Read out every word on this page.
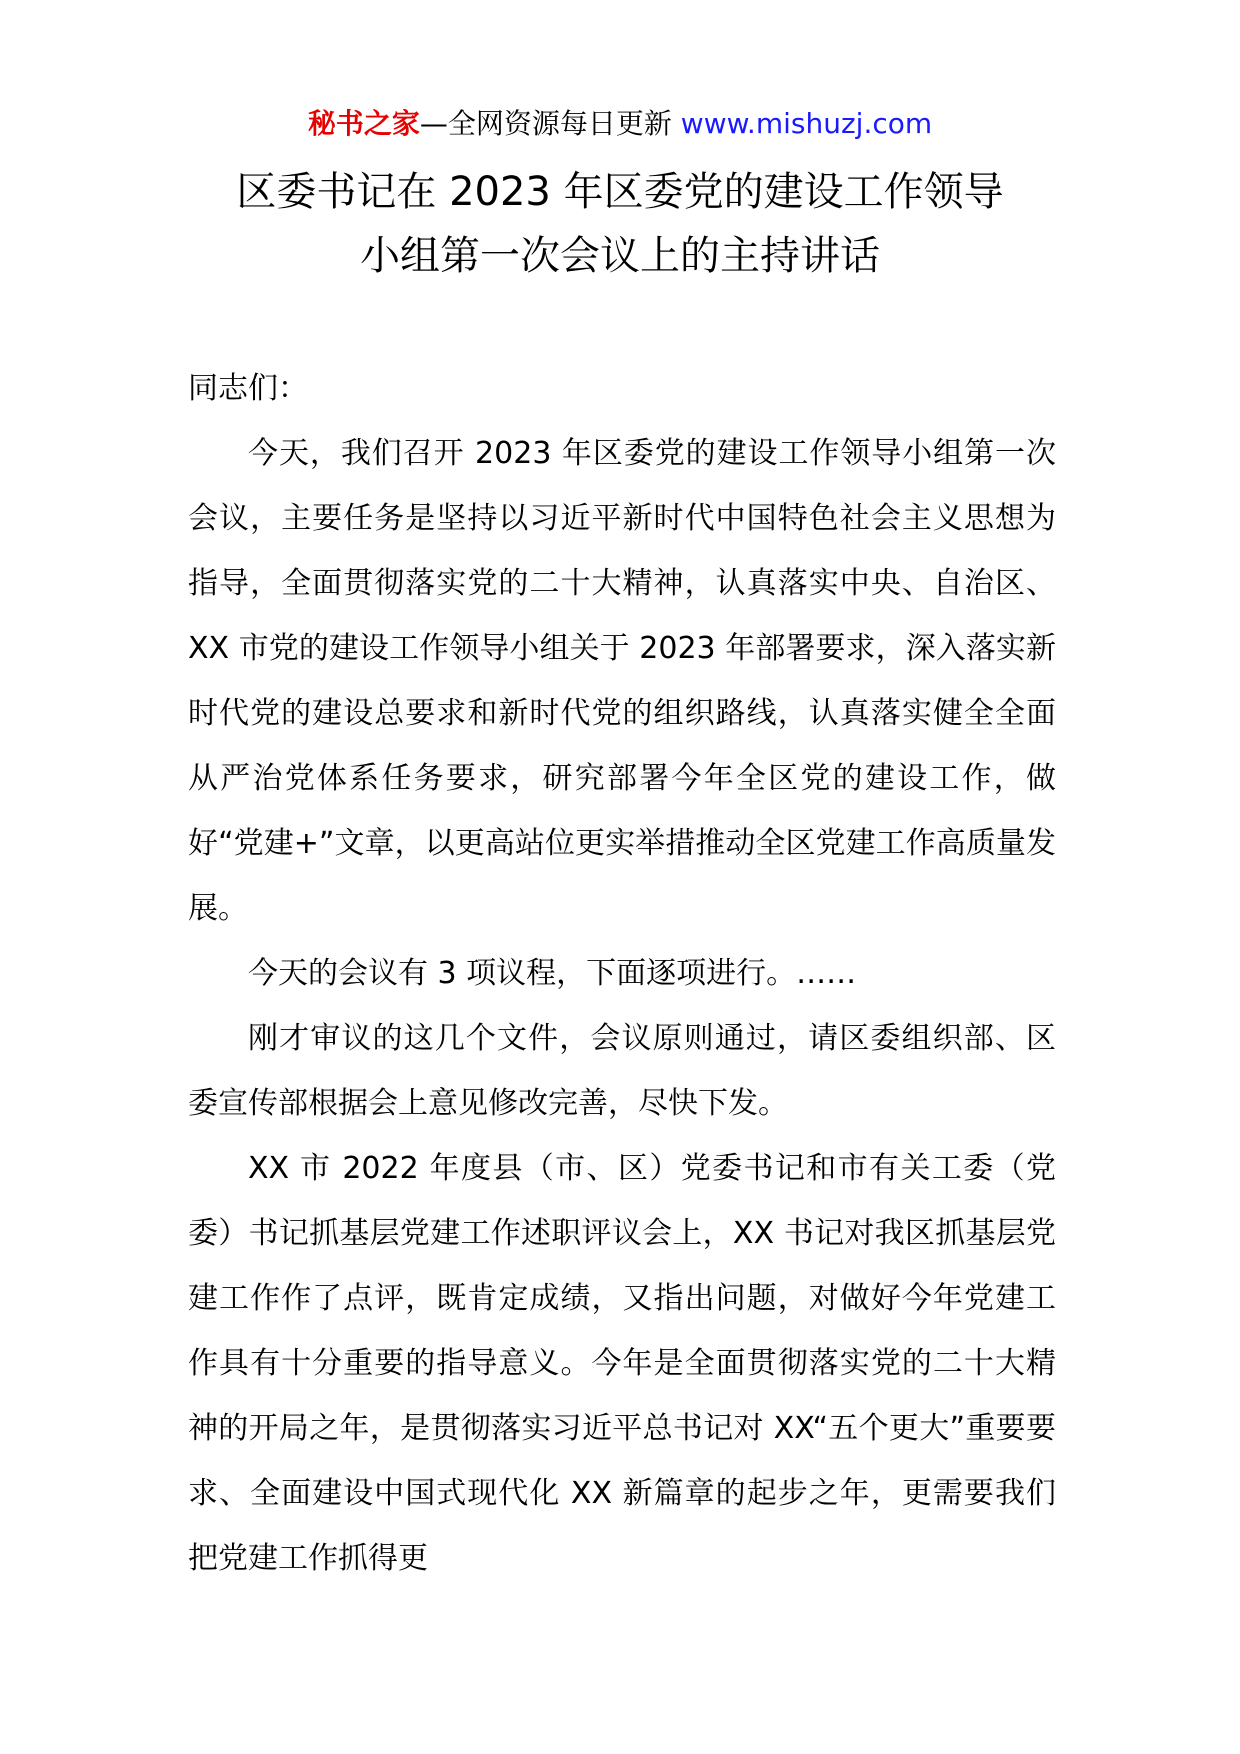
秘书之家—全网资源每日更新 www.mishuzj.com
区委书记在 2023 年区委党的建设工作领导
小组第一次会议上的主持讲话

同志们：

今天，我们召开 2023 年区委党的建设工作领导小组第一次会议，主要任务是坚持以习近平新时代中国特色社会主义思想为指导，全面贯彻落实党的二十大精神，认真落实中央、自治区、XX 市党的建设工作领导小组关于 2023 年部署要求，深入落实新时代党的建设总要求和新时代党的组织路线，认真落实健全全面从严治党体系任务要求，研究部署今年全区党的建设工作，做好“党建+”文章，以更高站位更实举措推动全区党建工作高质量发展。

今天的会议有 3 项议程，下面逐项进行。……

刚才审议的这几个文件，会议原则通过，请区委组织部、区委宣传部根据会上意见修改完善，尽快下发。

XX 市 2022 年度县（市、区）党委书记和市有关工委（党委）书记抓基层党建工作述职评议会上，XX 书记对我区抓基层党建工作作了点评，既肯定成绩，又指出问题，对做好今年党建工作具有十分重要的指导意义。今年是全面贯彻落实党的二十大精神的开局之年，是贯彻落实习近平总书记对 XX“五个更大”重要要求、全面建设中国式现代化 XX 新篇章的起步之年，更需要我们把党建工作抓得更
